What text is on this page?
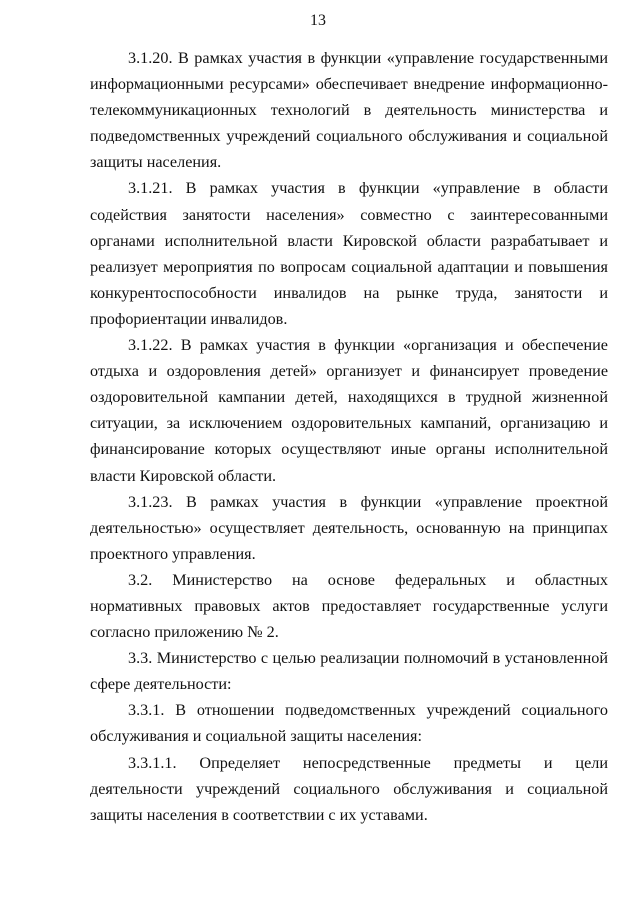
13

3.1.20. В рамках участия в функции «управление государственными информационными ресурсами» обеспечивает внедрение информационно-телекоммуникационных технологий в деятельность министерства и подведомственных учреждений социального обслуживания и социальной защиты населения.

3.1.21. В рамках участия в функции «управление в области содействия занятости населения» совместно с заинтересованными органами исполнительной власти Кировской области разрабатывает и реализует мероприятия по вопросам социальной адаптации и повышения конкурентоспособности инвалидов на рынке труда, занятости и профориентации инвалидов.

3.1.22. В рамках участия в функции «организация и обеспечение отдыха и оздоровления детей» организует и финансирует проведение оздоровительной кампании детей, находящихся в трудной жизненной ситуации, за исключением оздоровительных кампаний, организацию и финансирование которых осуществляют иные органы исполнительной власти Кировской области.

3.1.23. В рамках участия в функции «управление проектной деятельностью» осуществляет деятельность, основанную на принципах проектного управления.

3.2. Министерство на основе федеральных и областных нормативных правовых актов предоставляет государственные услуги согласно приложению № 2.

3.3. Министерство с целью реализации полномочий в установленной сфере деятельности:

3.3.1. В отношении подведомственных учреждений социального обслуживания и социальной защиты населения:

3.3.1.1. Определяет непосредственные предметы и цели деятельности учреждений социального обслуживания и социальной защиты населения в соответствии с их уставами.
